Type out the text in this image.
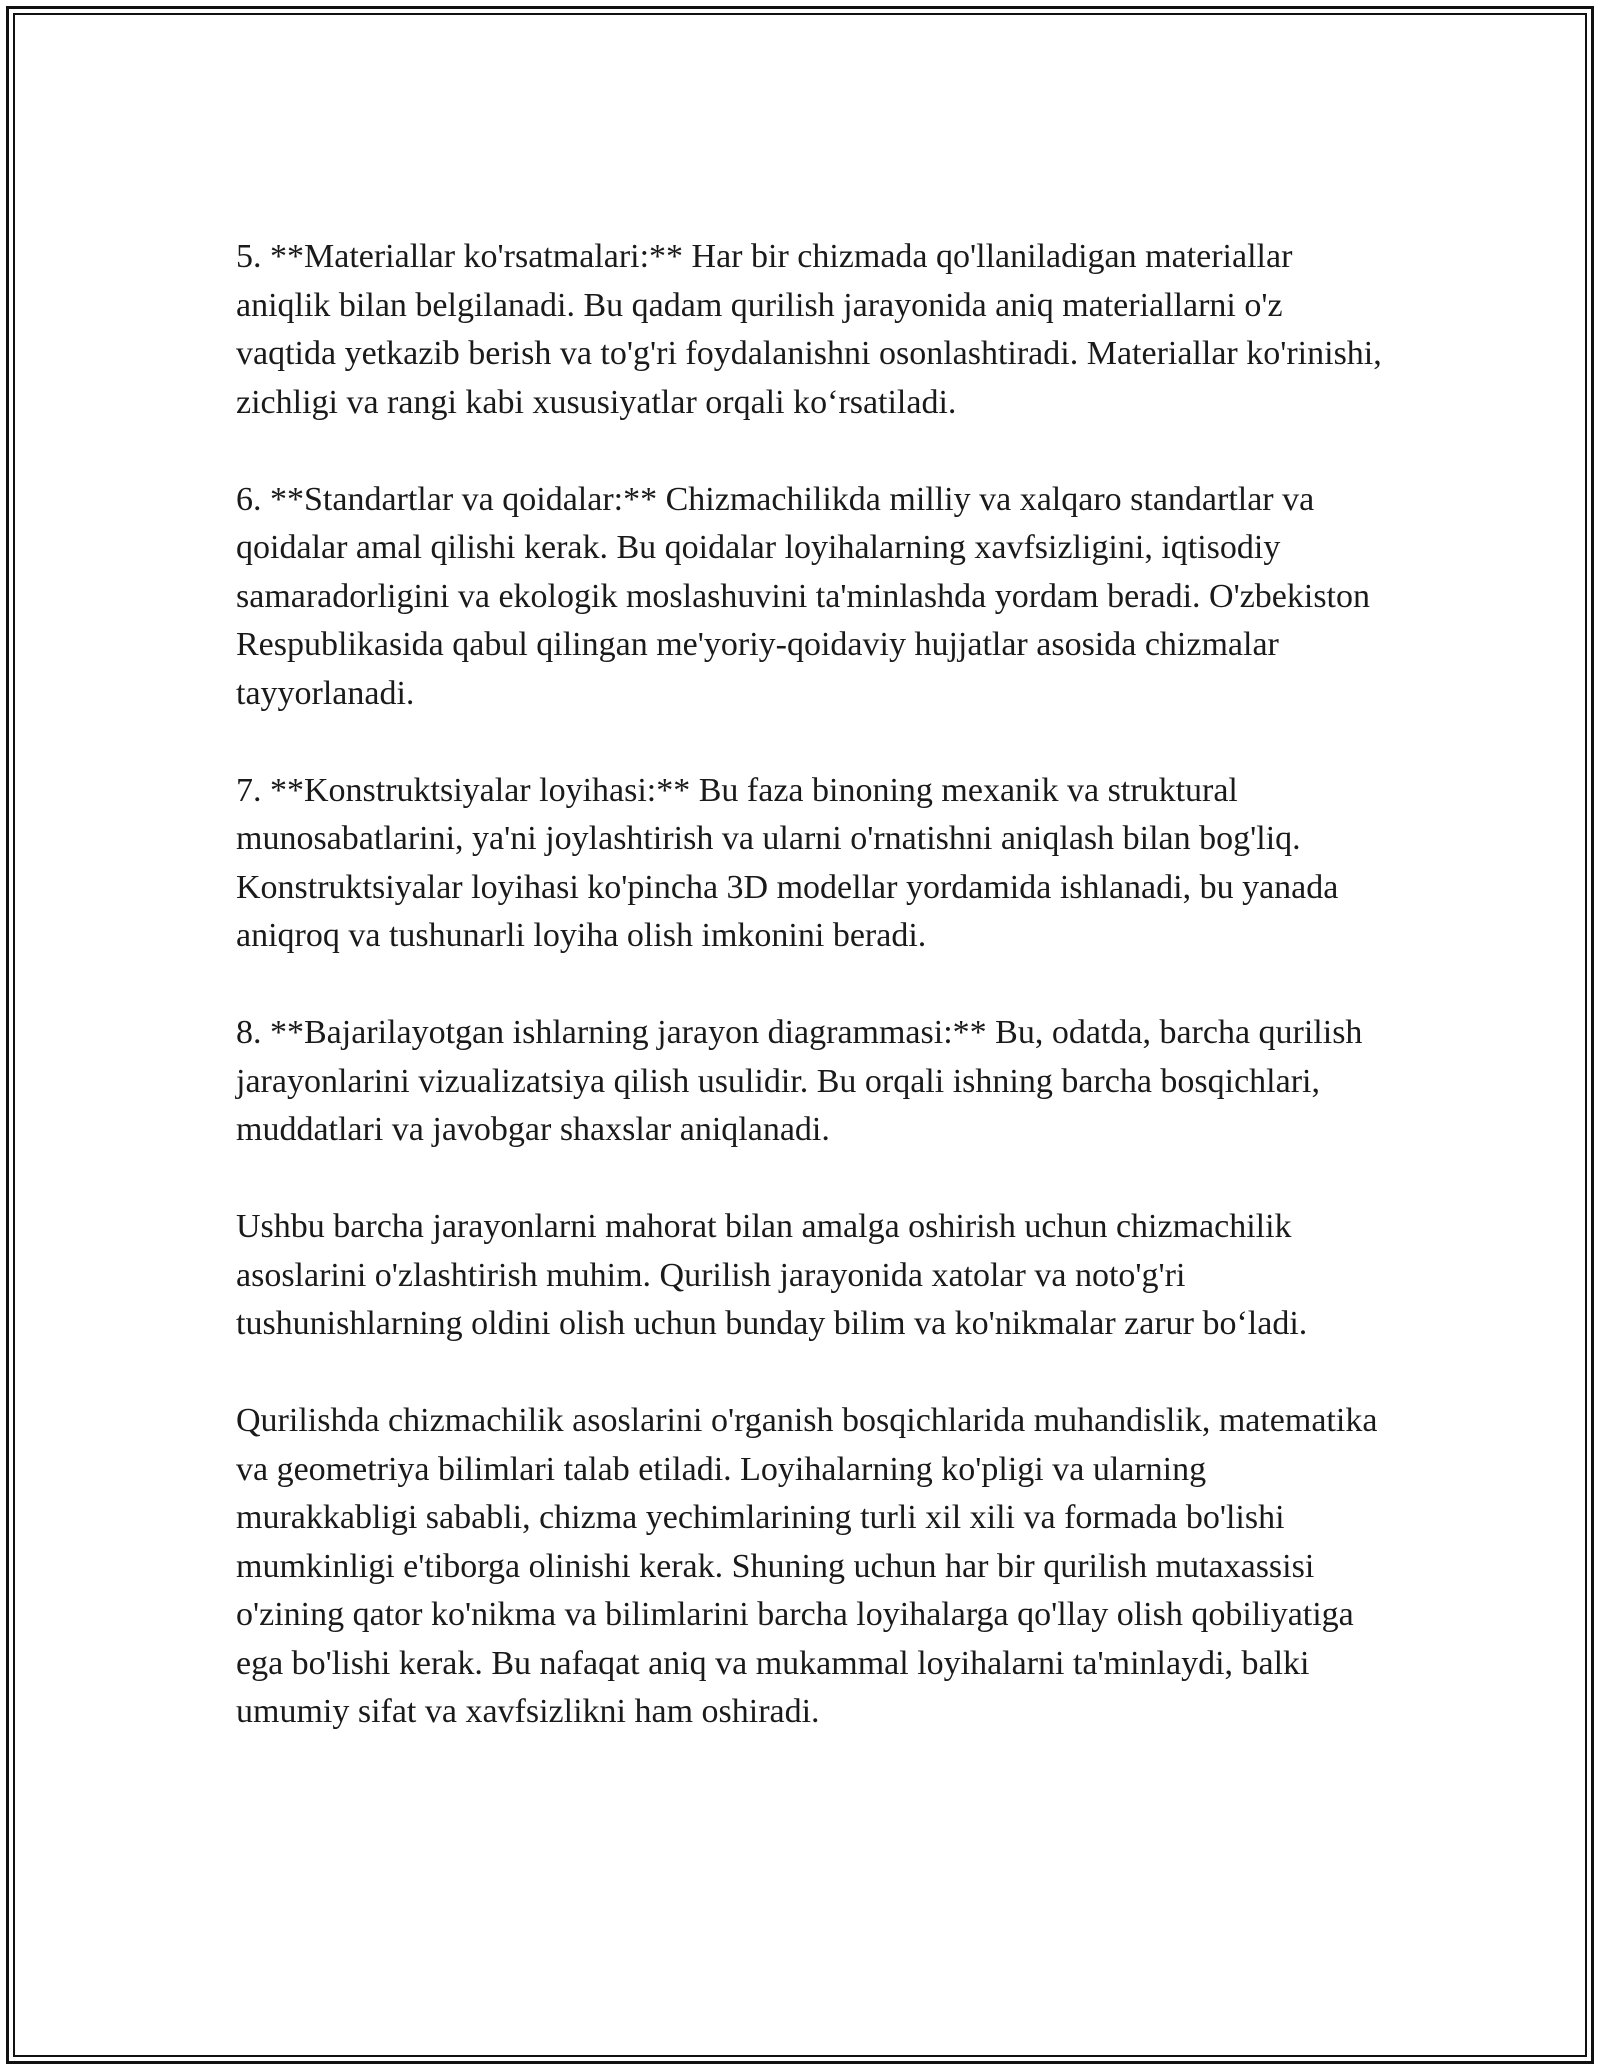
5. **Materiallar ko'rsatmalari:** Har bir chizmada qo'llaniladigan materiallar aniqlik bilan belgilanadi. Bu qadam qurilish jarayonida aniq materiallarni o'z vaqtida yetkazib berish va to'g'ri foydalanishni osonlashtiradi. Materiallar ko'rinishi, zichligi va rangi kabi xususiyatlar orqali ko‘rsatiladi.

6. **Standartlar va qoidalar:** Chizmachilikda milliy va xalqaro standartlar va qoidalar amal qilishi kerak. Bu qoidalar loyihalarning xavfsizligini, iqtisodiy samaradorligini va ekologik moslashuvini ta'minlashda yordam beradi. O'zbekiston Respublikasida qabul qilingan me'yoriy-qoidaviy hujjatlar asosida chizmalar tayyorlanadi.

7. **Konstruktsiyalar loyihasi:** Bu faza binoning mexanik va struktural munosabatlarini, ya'ni joylashtirish va ularni o'rnatishni aniqlash bilan bog'liq. Konstruktsiyalar loyihasi ko'pincha 3D modellar yordamida ishlanadi, bu yanada aniqroq va tushunarli loyiha olish imkonini beradi.

8. **Bajarilayotgan ishlarning jarayon diagrammasi:** Bu, odatda, barcha qurilish jarayonlarini vizualizatsiya qilish usulidir. Bu orqali ishning barcha bosqichlari, muddatlari va javobgar shaxslar aniqlanadi.

Ushbu barcha jarayonlarni mahorat bilan amalga oshirish uchun chizmachilik asoslarini o'zlashtirish muhim. Qurilish jarayonida xatolar va noto'g'ri tushunishlarning oldini olish uchun bunday bilim va ko'nikmalar zarur bo‘ladi.

Qurilishda chizmachilik asoslarini o'rganish bosqichlarida muhandislik, matematika va geometriya bilimlari talab etiladi. Loyihalarning ko'pligi va ularning murakkabligi sababli, chizma yechimlarining turli xil xili va formada bo'lishi mumkinligi e'tiborga olinishi kerak. Shuning uchun har bir qurilish mutaxassisi o'zining qator ko'nikma va bilimlarini barcha loyihalarga qo'llay olish qobiliyatiga ega bo'lishi kerak. Bu nafaqat aniq va mukammal loyihalarni ta'minlaydi, balki umumiy sifat va xavfsizlikni ham oshiradi.
